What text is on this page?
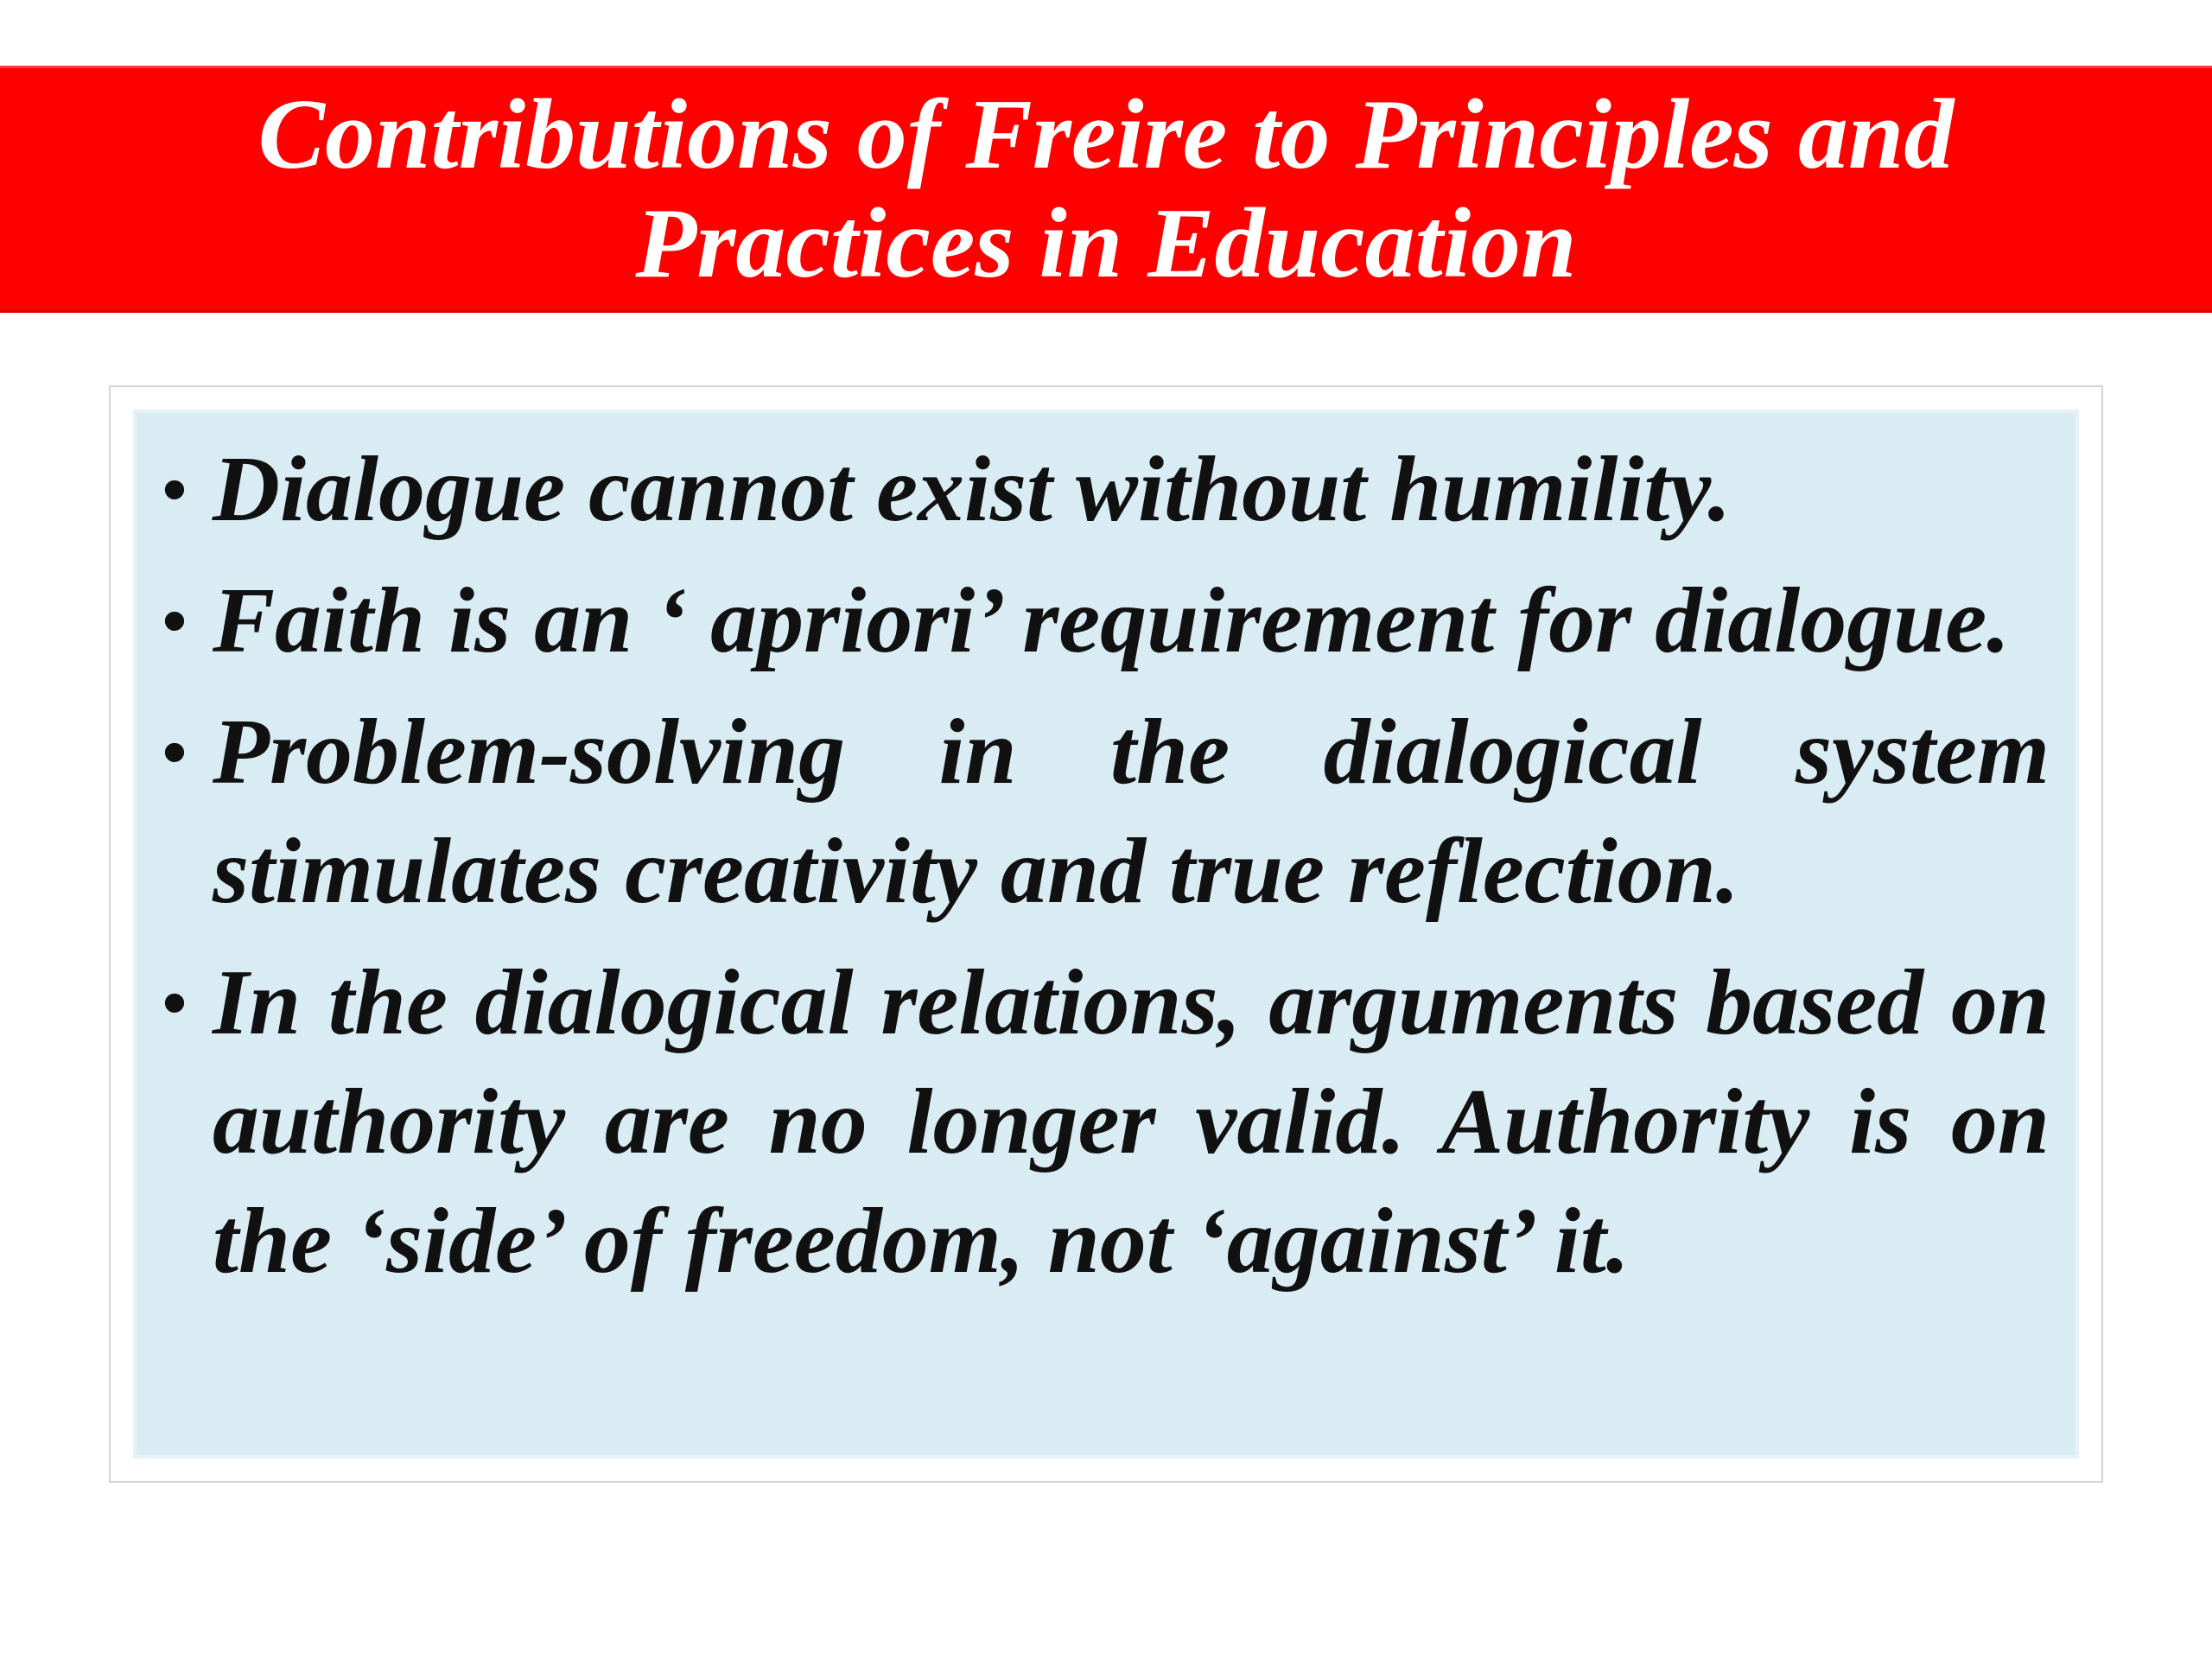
Contributions of Freire to Principles and
Practices in Education
• Dialogue cannot exist without humility.
• Faith is an ‘ apriori’ requirement for dialogue.
• Problem-solving in the dialogical system stimulates creativity and true reflection.
• In the dialogical relations, arguments based on authority are no longer valid. Authority is on the ‘side’ of freedom, not ‘against’ it.
